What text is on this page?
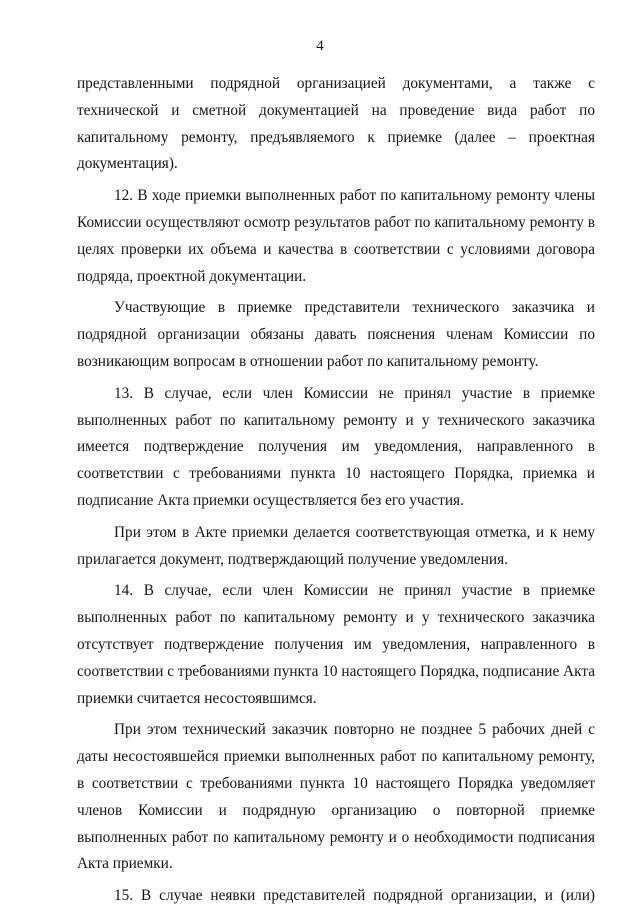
4

представленными подрядной организацией документами, а также с технической и сметной документацией на проведение вида работ по капитальному ремонту, предъявляемого к приемке (далее – проектная документация).

12. В ходе приемки выполненных работ по капитальному ремонту члены Комиссии осуществляют осмотр результатов работ по капитальному ремонту в целях проверки их объема и качества в соответствии с условиями договора подряда, проектной документации.

Участвующие в приемке представители технического заказчика и подрядной организации обязаны давать пояснения членам Комиссии по возникающим вопросам в отношении работ по капитальному ремонту.

13. В случае, если член Комиссии не принял участие в приемке выполненных работ по капитальному ремонту и у технического заказчика имеется подтверждение получения им уведомления, направленного в соответствии с требованиями пункта 10 настоящего Порядка, приемка и подписание Акта приемки осуществляется без его участия.

При этом в Акте приемки делается соответствующая отметка, и к нему прилагается документ, подтверждающий получение уведомления.

14. В случае, если член Комиссии не принял участие в приемке выполненных работ по капитальному ремонту и у технического заказчика отсутствует подтверждение получения им уведомления, направленного в соответствии с требованиями пункта 10 настоящего Порядка, подписание Акта приемки считается несостоявшимся.

При этом технический заказчик повторно не позднее 5 рабочих дней с даты несостоявшейся приемки выполненных работ по капитальному ремонту, в соответствии с требованиями пункта 10 настоящего Порядка уведомляет членов Комиссии и подрядную организацию о повторной приемке выполненных работ по капитальному ремонту и о необходимости подписания Акта приемки.

15. В случае неявки представителей подрядной организации, и (или)
